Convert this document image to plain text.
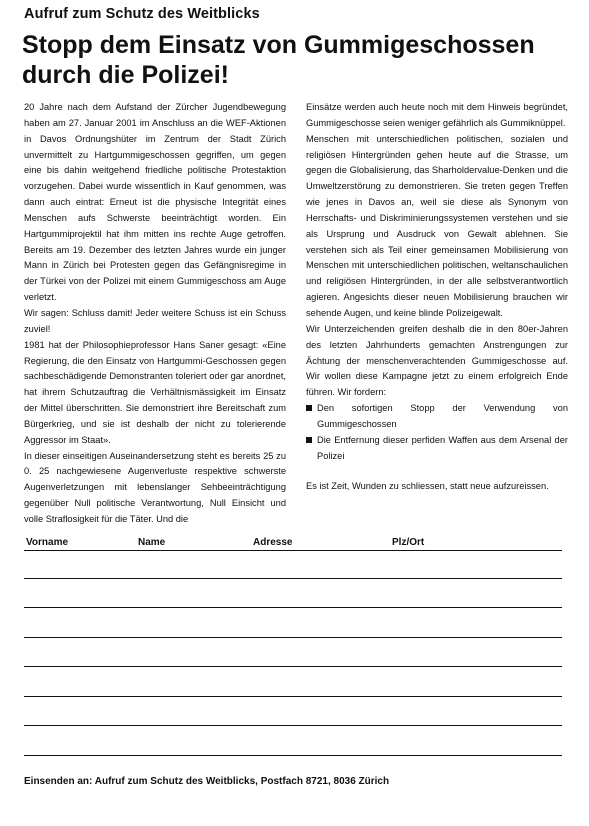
Aufruf zum Schutz des Weitblicks
Stopp dem Einsatz von Gummigeschossen
durch die Polizei!

20 Jahre nach dem Aufstand der Zürcher Jugendbewegung haben am 27. Januar 2001 im Anschluss an die WEF-Aktionen in Davos Ordnungshüter im Zentrum der Stadt Zürich unvermittelt zu Hartgummigeschossen gegriffen, um gegen eine bis dahin weitgehend friedliche politische Protestaktion vorzugehen. Dabei wurde wissentlich in Kauf genommen, was dann auch eintrat: Erneut ist die physische Integrität eines Menschen aufs Schwerste beeinträchtigt worden. Ein Hartgummiprojektil hat ihm mitten ins rechte Auge getroffen. Bereits am 19. Dezember des letzten Jahres wurde ein junger Mann in Zürich bei Protesten gegen das Gefängnisregime in der Türkei von der Polizei mit einem Gummigeschoss am Auge verletzt.

Wir sagen: Schluss damit! Jeder weitere Schuss ist ein Schuss zuviel!

1981 hat der Philosophieprofessor Hans Saner gesagt: «Eine Regierung, die den Einsatz von Hartgummi-Geschossen gegen sachbeschädigende Demonstranten toleriert oder gar anordnet, hat ihrem Schutzauftrag die Verhältnismässigkeit im Einsatz der Mittel überschritten. Sie demonstriert ihre Bereitschaft zum Bürgerkrieg, und sie ist deshalb der nicht zu tolerierende Aggressor im Staat».

In dieser einseitigen Auseinandersetzung steht es bereits 25 zu 0. 25 nachgewiesene Augenverluste respektive schwerste Augenverletzungen mit lebenslanger Sehbeeinträchtigung gegenüber Null politische Verantwortung, Null Einsicht und volle Straflosigkeit für die Täter. Und die

Einsätze werden auch heute noch mit dem Hinweis begründet, Gummigeschosse seien weniger gefährlich als Gummiknüppel.

Menschen mit unterschiedlichen politischen, sozialen und religiösen Hintergründen gehen heute auf die Strasse, um gegen die Globalisierung, das Sharholdervalue-Denken und die Umweltzerstörung zu demonstrieren. Sie treten gegen Treffen wie jenes in Davos an, weil sie diese als Synonym von Herrschafts- und Diskriminierungssystemen verstehen und sie als Ursprung und Ausdruck von Gewalt ablehnen. Sie verstehen sich als Teil einer gemeinsamen Mobilisierung von Menschen mit unterschiedlichen politischen, weltanschaulichen und religiösen Hintergründen, in der alle selbstverantwortlich agieren. Angesichts dieser neuen Mobilisierung brauchen wir sehende Augen, und keine blinde Polizeigewalt.

Wir Unterzeichenden greifen deshalb die in den 80er-Jahren des letzten Jahrhunderts gemachten Anstrengungen zur Ächtung der menschenverachtenden Gummigeschosse auf. Wir wollen diese Kampagne jetzt zu einem erfolgreich Ende führen. Wir fordern:

Den sofortigen Stopp der Verwendung von Gummigeschossen
Die Entfernung dieser perfiden Waffen aus dem Arsenal der Polizei

Es ist Zeit, Wunden zu schliessen, statt neue aufzureissen.

Vorname	Name	Adresse	Plz/Ort
Einsenden an: Aufruf zum Schutz des Weitblicks, Postfach 8721, 8036 Zürich
